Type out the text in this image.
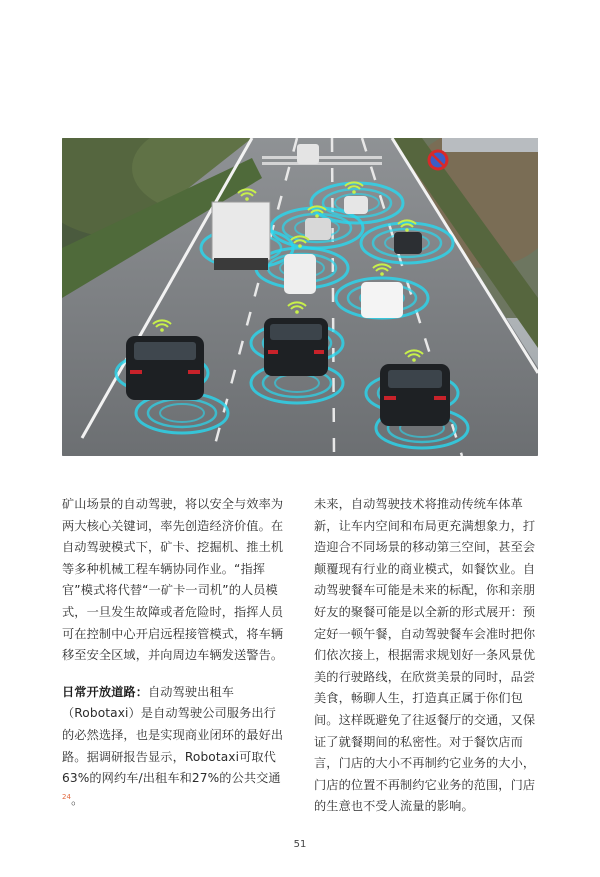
矿山场景的自动驾驶，将以安全与效率为两大核心关键词，率先创造经济价值。在自动驾驶模式下，矿卡、挖掘机、推土机等多种机械工程车辆协同作业。“指挥官”模式将代替“一矿卡一司机”的人员模式，一旦发生故障或者危险时，指挥人员可在控制中心开启远程接管模式，将车辆移至安全区域，并向周边车辆发送警告。

日常开放道路：自动驾驶出租车（Robotaxi）是自动驾驶公司服务出行的必然选择，也是实现商业闭环的最好出路。据调研报告显示，Robotaxi可取代63%的网约车/出租车和27%的公共交通$^{24}$。

未来，自动驾驶技术将推动传统车体革新，让车内空间和布局更充满想象力，打造迎合不同场景的移动第三空间，甚至会颠覆现有行业的商业模式，如餐饮业。自动驾驶餐车可能是未来的标配，你和亲朋好友的聚餐可能是以全新的形式展开：预定好一顿午餐，自动驾驶餐车会准时把你们依次接上，根据需求规划好一条风景优美的行驶路线，在欣赏美景的同时，品尝美食，畅聊人生，打造真正属于你们包间。这样既避免了往返餐厅的交通，又保证了就餐期间的私密性。对于餐饮店而言，门店的大小不再制约它业务的大小，门店的位置不再制约它业务的范围，门店的生意也不受人流量的影响。

51
